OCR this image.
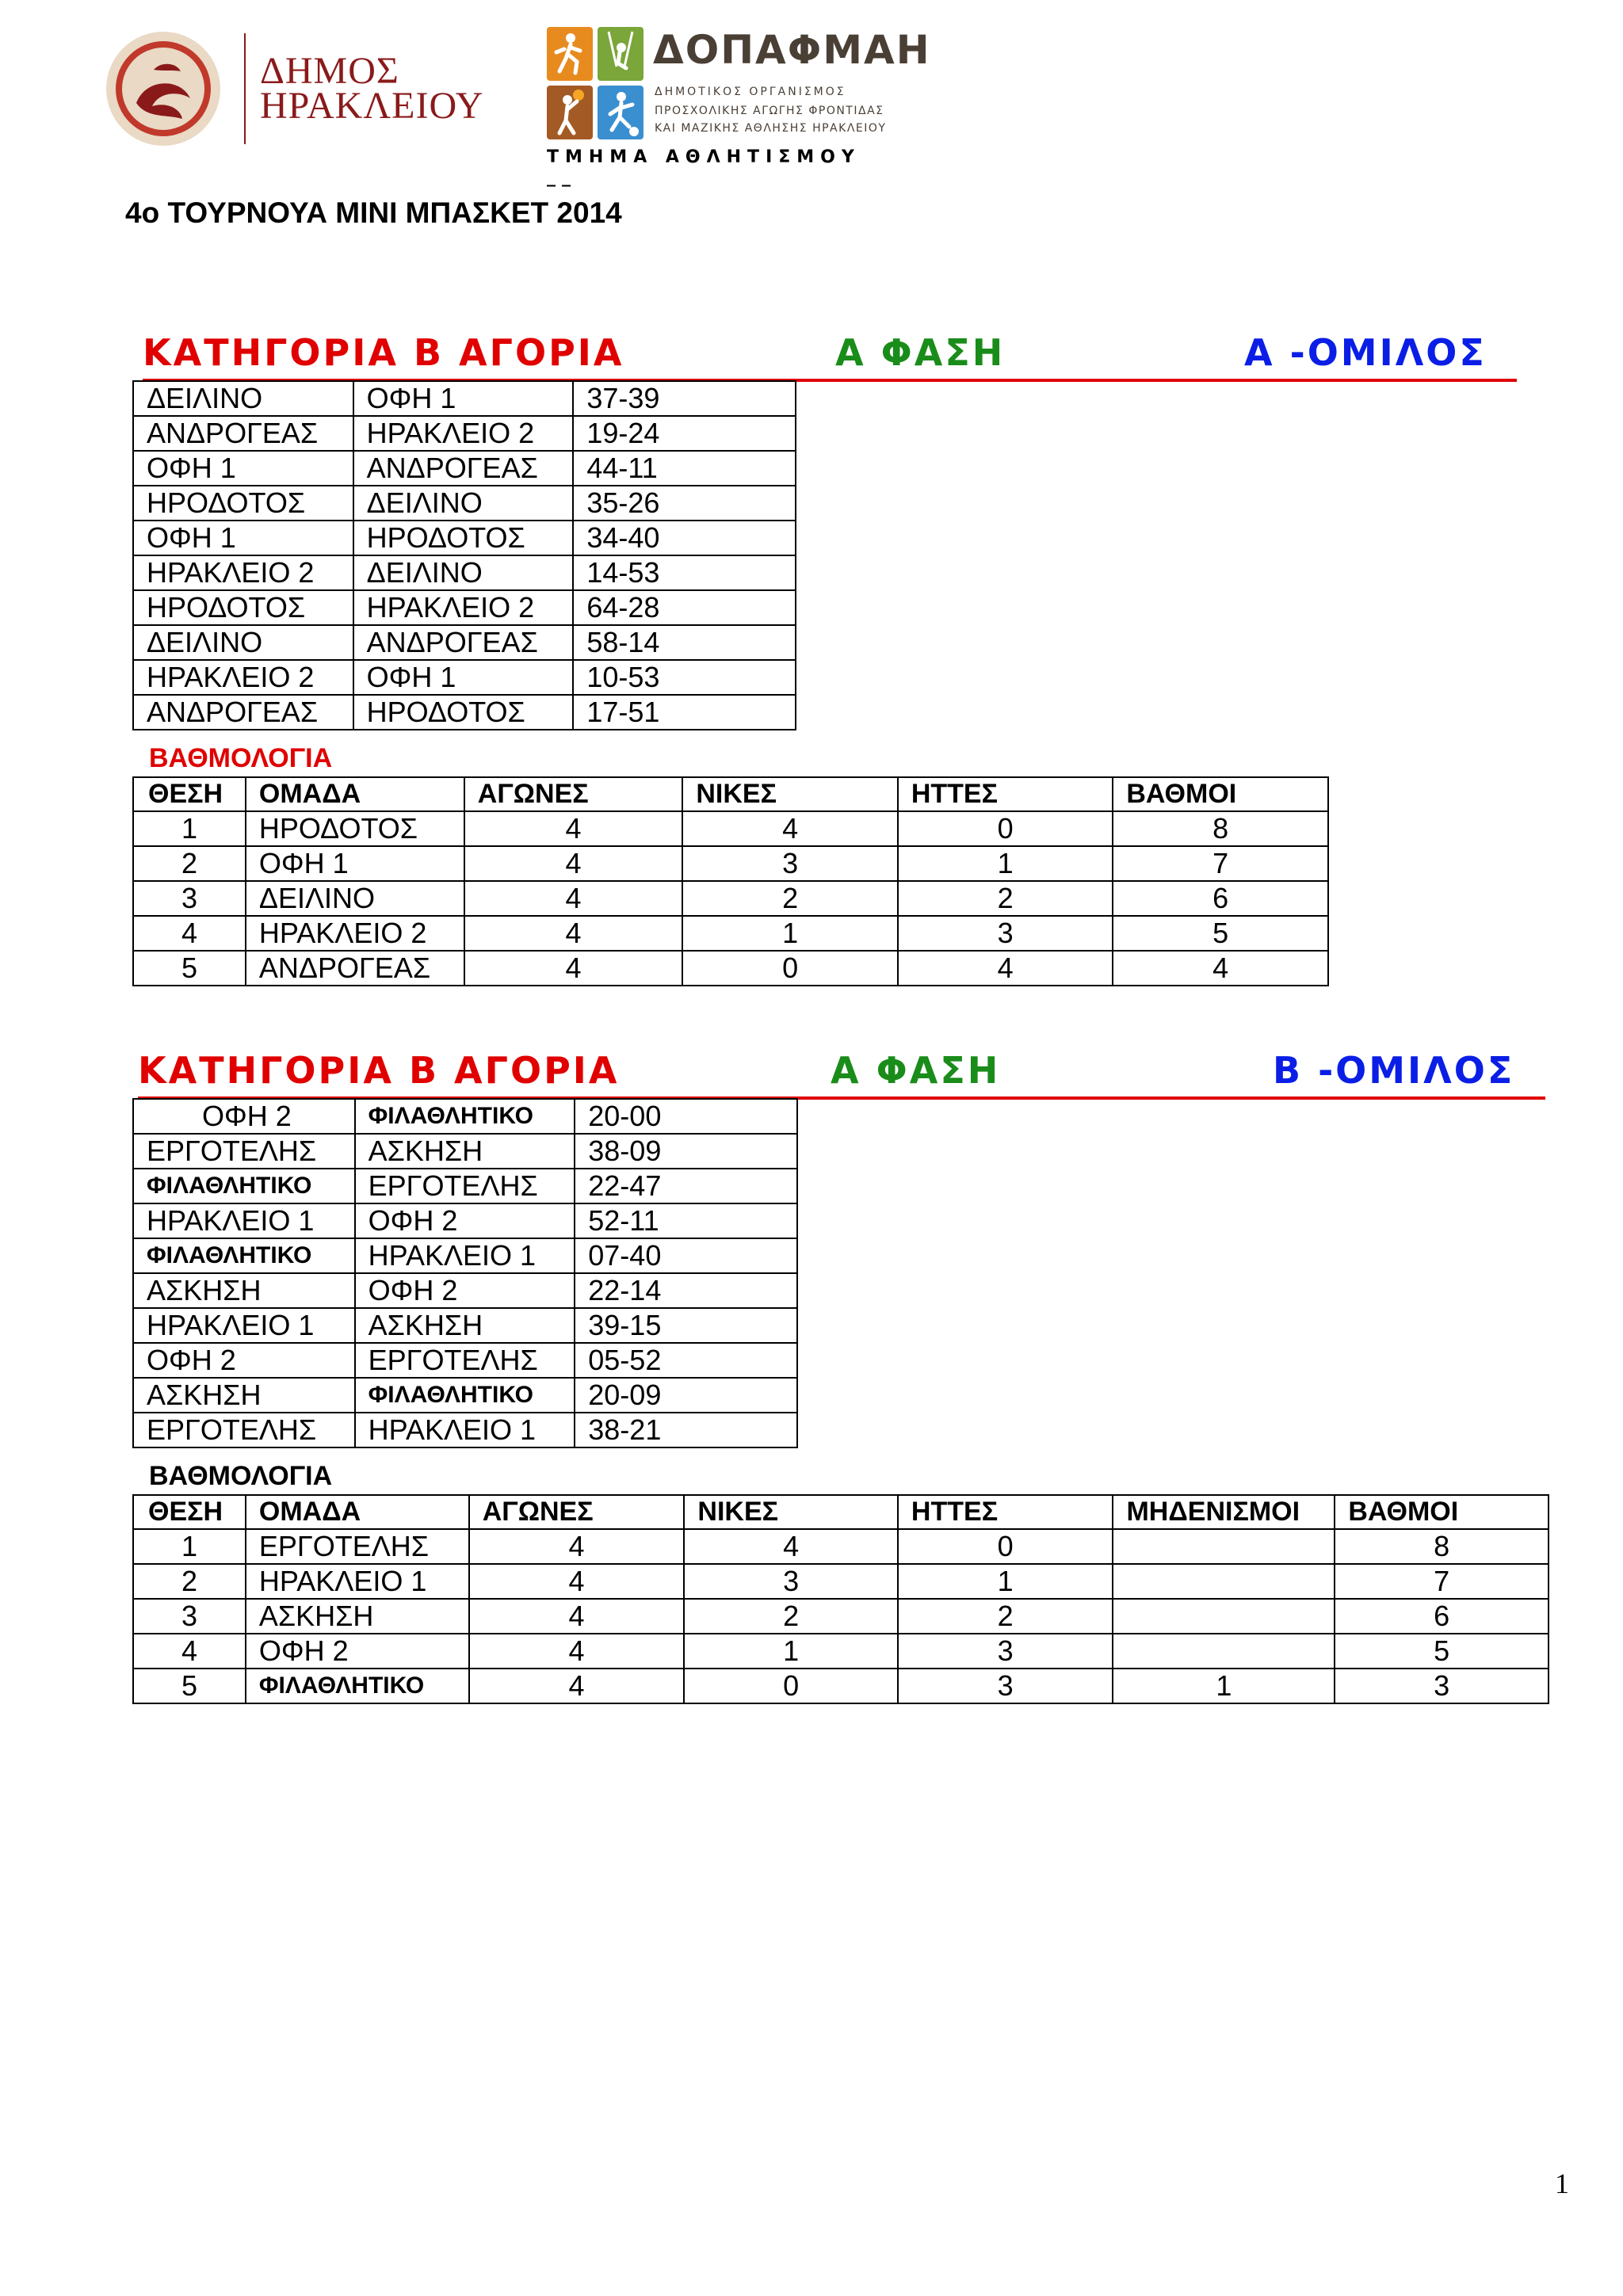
ΔΗΜΟΣ
ΗΡΑΚΛΕΙΟΥ
ΔΟΠΑΦΜΑΗ
ΔΗΜΟΤΙΚΟΣ ΟΡΓΑΝΙΣΜΟΣ
ΠΡΟΣΧΟΛΙΚΗΣ ΑΓΩΓΗΣ ΦΡΟΝΤΙΔΑΣ
ΚΑΙ ΜΑΖΙΚΗΣ ΑΘΛΗΣΗΣ ΗΡΑΚΛΕΙΟΥ
ΤΜΗΜΑ ΑΘΛΗΤΙΣΜΟΥ __
4ο ΤΟΥΡΝΟΥΑ ΜΙΝΙ ΜΠΑΣΚΕΤ 2014
ΚΑΤΗΓΟΡΙΑ Β ΑΓΟΡΙΑ	Α ΦΑΣΗ	Α -ΟΜΙΛΟΣ
ΔΕΙΛΙΝΟ	ΟΦΗ 1	37-39
ΑΝΔΡΟΓΕΑΣ	ΗΡΑΚΛΕΙΟ 2	19-24
ΟΦΗ 1	ΑΝΔΡΟΓΕΑΣ	44-11
ΗΡΟΔΟΤΟΣ	ΔΕΙΛΙΝΟ	35-26
ΟΦΗ 1	ΗΡΟΔΟΤΟΣ	34-40
ΗΡΑΚΛΕΙΟ 2	ΔΕΙΛΙΝΟ	14-53
ΗΡΟΔΟΤΟΣ	ΗΡΑΚΛΕΙΟ 2	64-28
ΔΕΙΛΙΝΟ	ΑΝΔΡΟΓΕΑΣ	58-14
ΗΡΑΚΛΕΙΟ 2	ΟΦΗ 1	10-53
ΑΝΔΡΟΓΕΑΣ	ΗΡΟΔΟΤΟΣ	17-51
ΒΑΘΜΟΛΟΓΙΑ
ΘΕΣΗ	ΟΜΑΔΑ	ΑΓΩΝΕΣ	ΝΙΚΕΣ	ΗΤΤΕΣ	ΒΑΘΜΟΙ
1	ΗΡΟΔΟΤΟΣ	4	4	0	8
2	ΟΦΗ 1	4	3	1	7
3	ΔΕΙΛΙΝΟ	4	2	2	6
4	ΗΡΑΚΛΕΙΟ 2	4	1	3	5
5	ΑΝΔΡΟΓΕΑΣ	4	0	4	4
ΚΑΤΗΓΟΡΙΑ Β ΑΓΟΡΙΑ	Α ΦΑΣΗ	Β -ΟΜΙΛΟΣ
ΟΦΗ 2	ΦΙΛΑΘΛΗΤΙΚΟ	20-00
ΕΡΓΟΤΕΛΗΣ	ΑΣΚΗΣΗ	38-09
ΦΙΛΑΘΛΗΤΙΚΟ	ΕΡΓΟΤΕΛΗΣ	22-47
ΗΡΑΚΛΕΙΟ 1	ΟΦΗ 2	52-11
ΦΙΛΑΘΛΗΤΙΚΟ	ΗΡΑΚΛΕΙΟ 1	07-40
ΑΣΚΗΣΗ	ΟΦΗ 2	22-14
ΗΡΑΚΛΕΙΟ 1	ΑΣΚΗΣΗ	39-15
ΟΦΗ 2	ΕΡΓΟΤΕΛΗΣ	05-52
ΑΣΚΗΣΗ	ΦΙΛΑΘΛΗΤΙΚΟ	20-09
ΕΡΓΟΤΕΛΗΣ	ΗΡΑΚΛΕΙΟ 1	38-21
ΒΑΘΜΟΛΟΓΙΑ
ΘΕΣΗ	ΟΜΑΔΑ	ΑΓΩΝΕΣ	ΝΙΚΕΣ	ΗΤΤΕΣ	ΜΗΔΕΝΙΣΜΟΙ	ΒΑΘΜΟΙ
1	ΕΡΓΟΤΕΛΗΣ	4	4	0		8
2	ΗΡΑΚΛΕΙΟ 1	4	3	1		7
3	ΑΣΚΗΣΗ	4	2	2		6
4	ΟΦΗ 2	4	1	3		5
5	ΦΙΛΑΘΛΗΤΙΚΟ	4	0	3	1	3
1
